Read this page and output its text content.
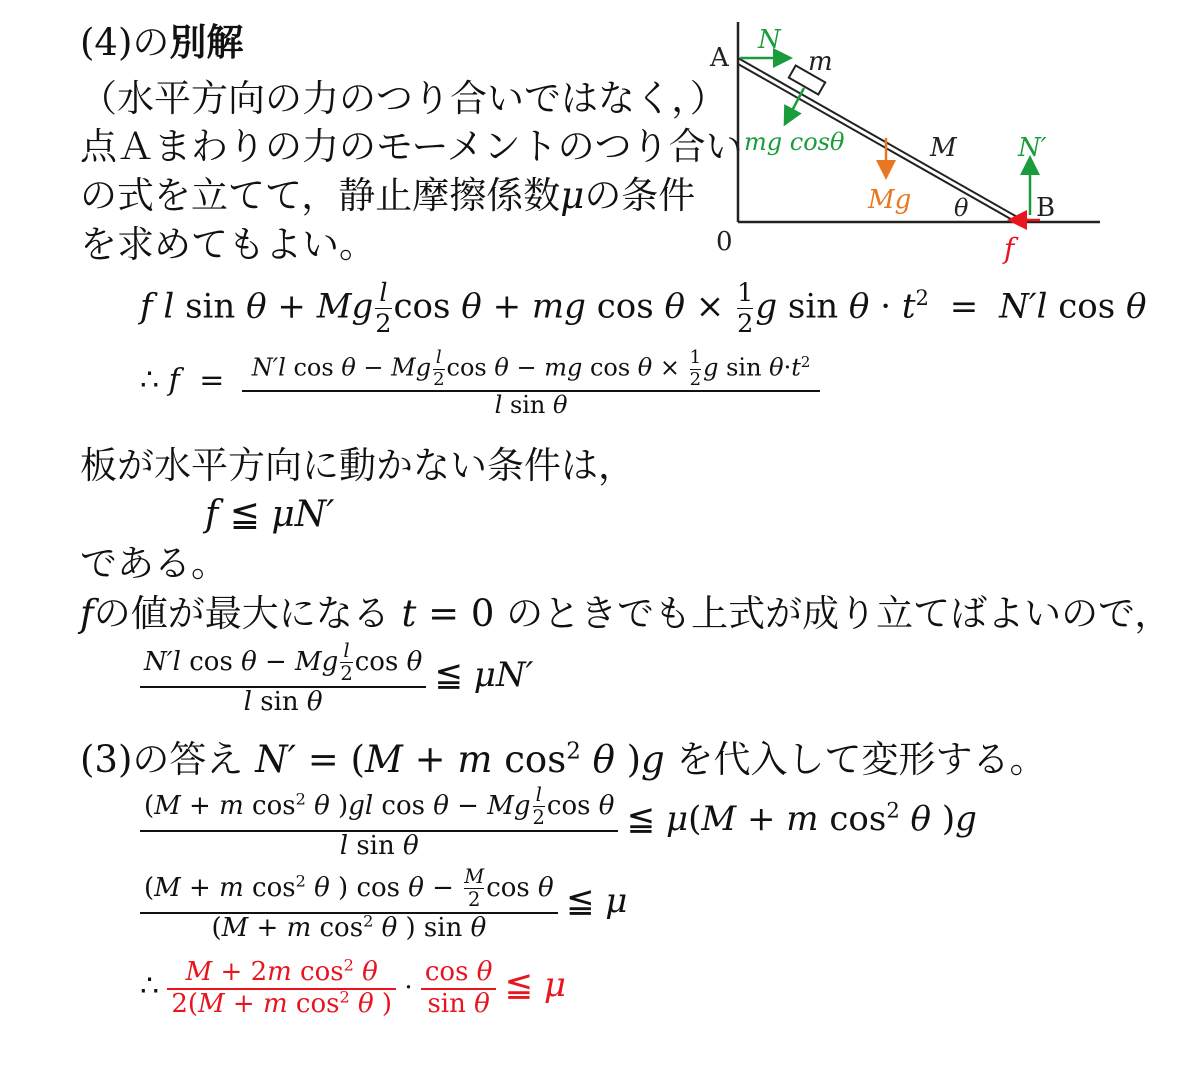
(4)の別解
（水平方向の力のつり合いではなく，）
点Ａまわりの力のモーメントのつり合い
の式を立てて，静止摩擦係数μの条件
を求めてもよい。
A
N
m
mg cosθ	M N′
Mg θ	B
0	f
f l sin θ + Mg $\frac{l}{2}$ cos θ + mg $\cos \theta \times \frac{1}{2}$ g $\sin \theta \cdot t^2 = N'l$ cos θ
∴ $f = \frac{N'l \cos \theta - Mg \frac{l}{2} \cos \theta - mg \cos \theta \times \frac{1}{2} g \sin \theta\cdot t^2}{\text{l sin θ}}$
板が水平方向に動かない条件は，
f ≦ μN′
である。
fの値が最大になる t = 0 のときでも上式が成り立てばよいので，
$\frac{N'l \cos \theta - Mg \frac{l}{2} \cos \theta}{\text{l sin θ}}$ ≦ μN′
(3)の答え N′ = (M + m $\cos^2 \theta$ )g を代入して変形する。
$\frac{(M + m \cos^2 \theta )gl \cos \theta - Mg \frac{l}{2} \cos \theta}{\text{l sin θ}}$ ≦ μ(M + m $\cos^2 \theta$ )g
$\frac{(M + m \cos^2 \theta ) \cos \theta - \frac{M}{2} \cos \theta}{(M + m \cos^2 \theta ) \sin \theta}$ ≦ μ
∴ $\frac{M + 2m \cos^2 \theta}{2(M + m \cos^2 \theta )} \cdot \frac{\text{cos θ}}{\text{sin θ}}$ ≦ μ
